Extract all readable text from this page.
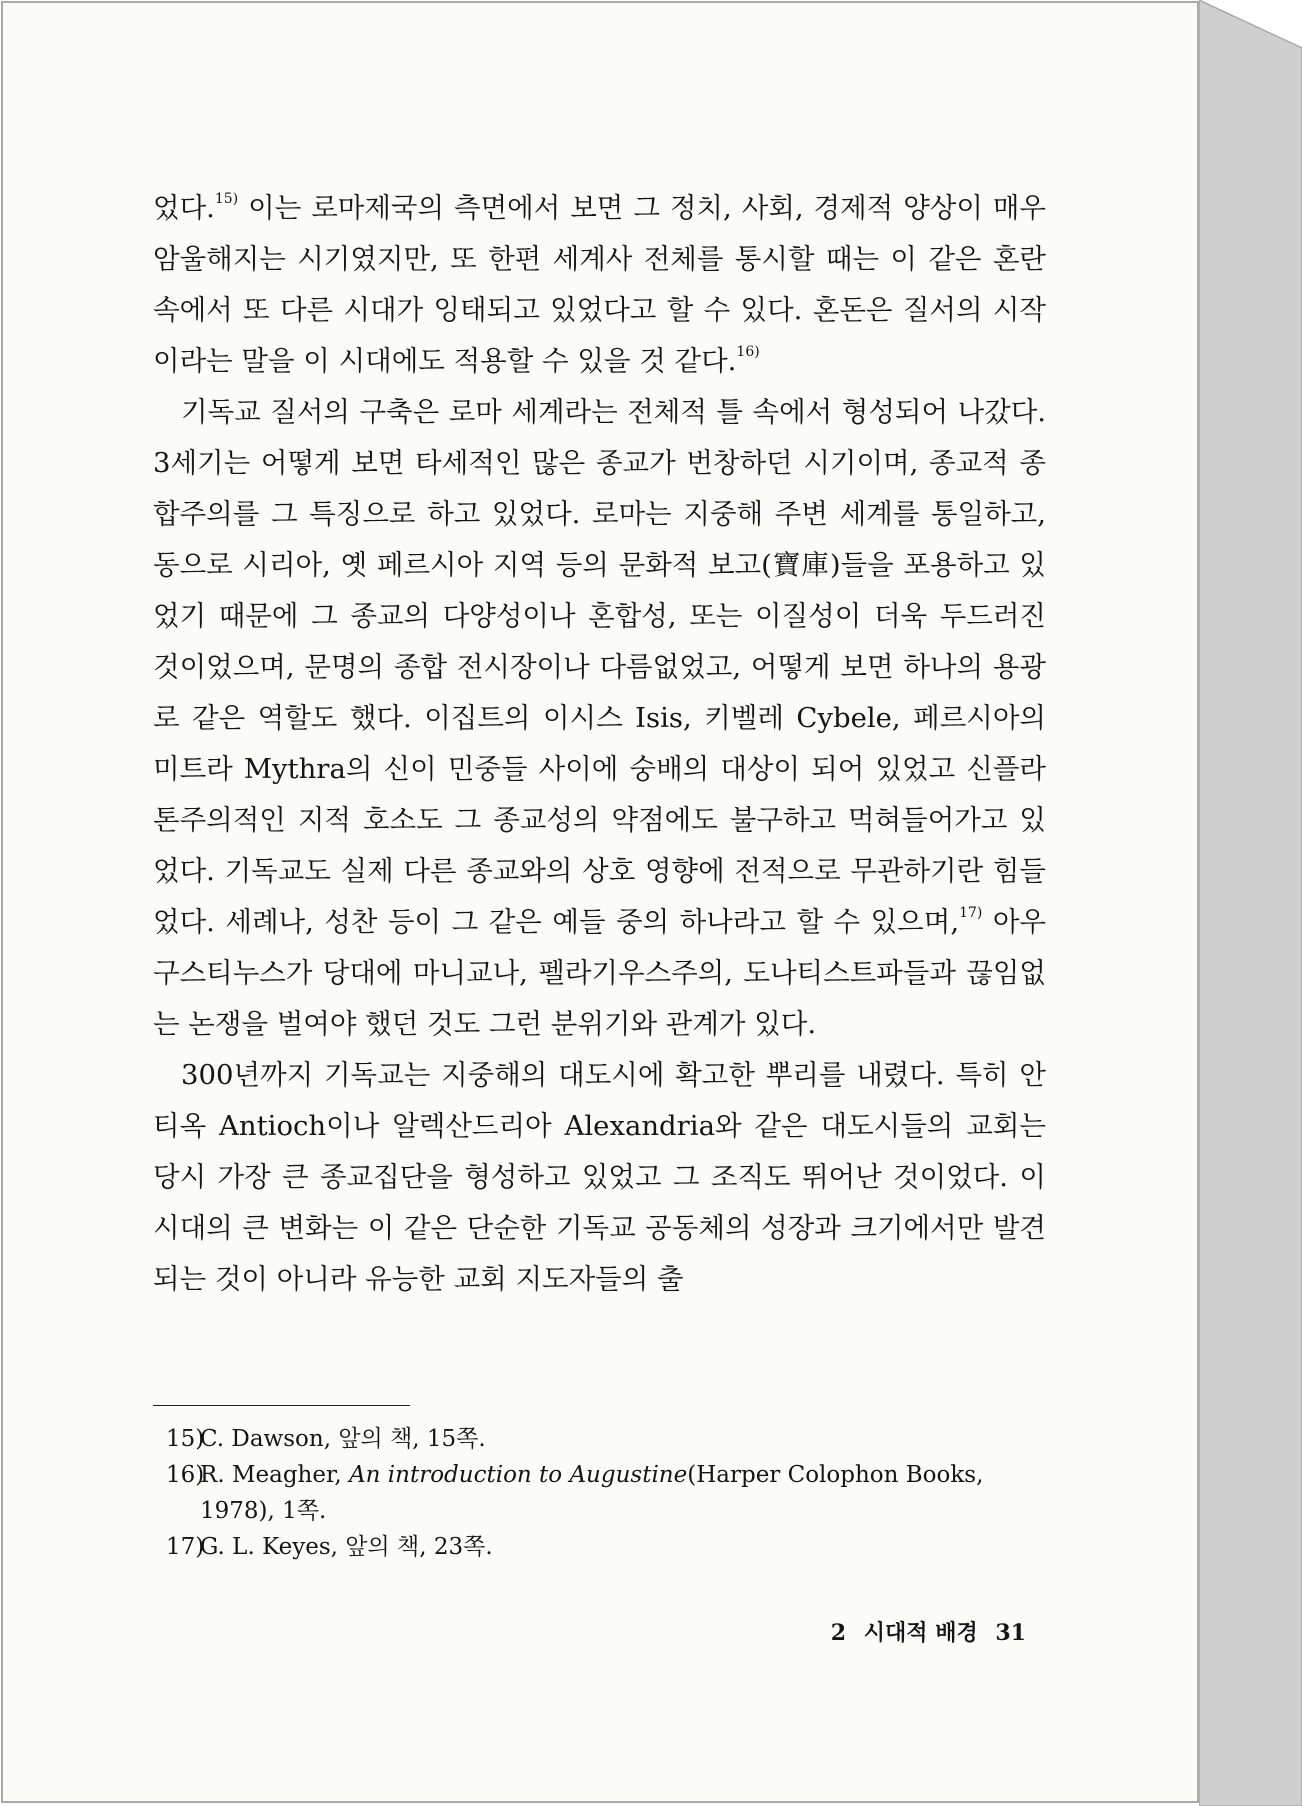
었다.$^{15)}$ 이는 로마제국의 측면에서 보면 그 정치, 사회, 경제적 양상이 매우 암울해지는 시기였지만, 또 한편 세계사 전체를 통시할 때는 이 같은 혼란 속에서 또 다른 시대가 잉태되고 있었다고 할 수 있다. 혼돈은 질서의 시작이라는 말을 이 시대에도 적용할 수 있을 것 같다.$^{16)}$

기독교 질서의 구축은 로마 세계라는 전체적 틀 속에서 형성되어 나갔다. 3세기는 어떻게 보면 타세적인 많은 종교가 번창하던 시기이며, 종교적 종합주의를 그 특징으로 하고 있었다. 로마는 지중해 주변 세계를 통일하고, 동으로 시리아, 옛 페르시아 지역 등의 문화적 보고(寶庫)들을 포용하고 있었기 때문에 그 종교의 다양성이나 혼합성, 또는 이질성이 더욱 두드러진 것이었으며, 문명의 종합 전시장이나 다름없었고, 어떻게 보면 하나의 용광로 같은 역할도 했다. 이집트의 이시스 Isis, 키벨레 Cybele, 페르시아의 미트라 Mythra의 신이 민중들 사이에 숭배의 대상이 되어 있었고 신플라톤주의적인 지적 호소도 그 종교성의 약점에도 불구하고 먹혀들어가고 있었다. 기독교도 실제 다른 종교와의 상호 영향에 전적으로 무관하기란 힘들었다. 세례나, 성찬 등이 그 같은 예들 중의 하나라고 할 수 있으며,$^{17)}$ 아우구스티누스가 당대에 마니교나, 펠라기우스주의, 도나티스트파들과 끊임없는 논쟁을 벌여야 했던 것도 그런 분위기와 관계가 있다.

300년까지 기독교는 지중해의 대도시에 확고한 뿌리를 내렸다. 특히 안티옥 Antioch이나 알렉산드리아 Alexandria와 같은 대도시들의 교회는 당시 가장 큰 종교집단을 형성하고 있었고 그 조직도 뛰어난 것이었다. 이 시대의 큰 변화는 이 같은 단순한 기독교 공동체의 성장과 크기에서만 발견되는 것이 아니라 유능한 교회 지도자들의 출

15)
C. Dawson, 앞의 책, 15쪽.
16)
R. Meagher, An introduction to Augustine(Harper Colophon Books, 1978), 1쪽.
17)
G. L. Keyes, 앞의 책, 23쪽.
2 시대적 배경 31
